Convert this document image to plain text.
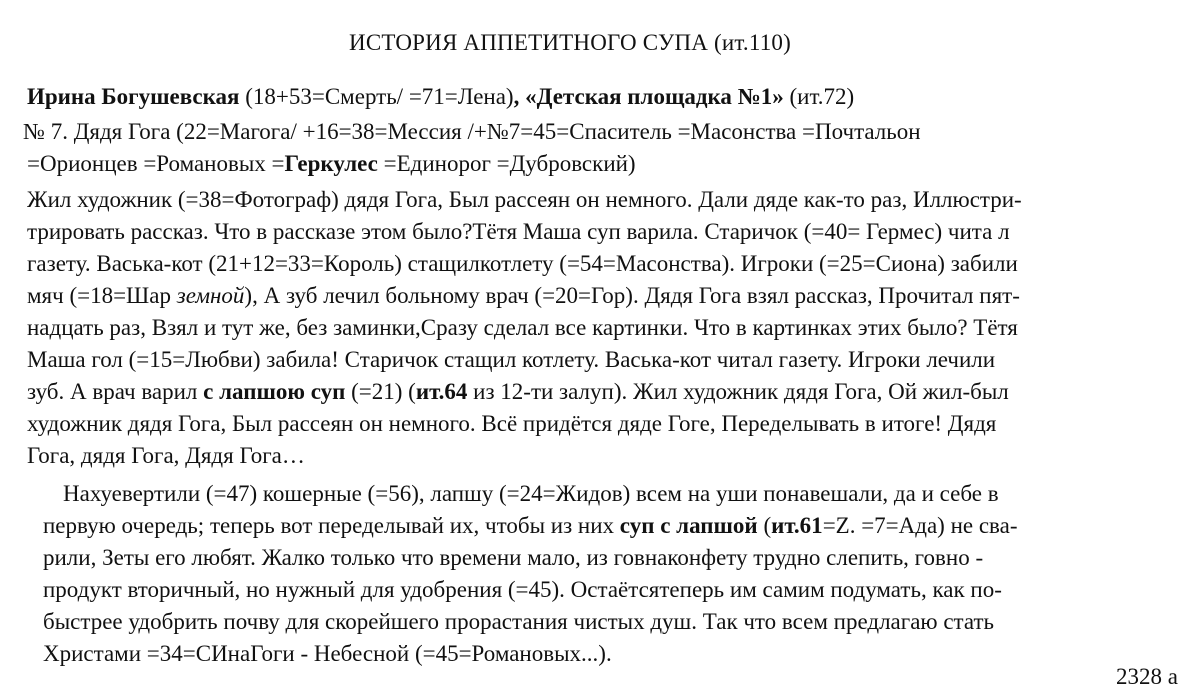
ИСТОРИЯ АППЕТИТНОГО СУПА (ит.110)
Ирина Богушевская (18+53=Смерть/ =71=Лена), «Детская площадка №1» (ит.72)
№ 7. Дядя Гога (22=Магога/ +16=38=Мессия /+№7=45=Спаситель =Масонства =Почтальон
=Орионцев =Романовых =Геркулес =Единорог =Дубровский)
Жил художник (=38=Фотограф) дядя Гога, Был рассеян он немного. Дали дяде как-то раз, Иллюстри-
трировать рассказ. Что в рассказе этом было?Тётя Маша суп варила. Старичок (=40= Гермес) чита л
газету. Васька-кот (21+12=33=Король) стащилкотлету (=54=Масонства). Игроки (=25=Сиона) забили
мяч (=18=Шар земной), А зуб лечил больному врач (=20=Гор). Дядя Гога взял рассказ, Прочитал пят-
надцать раз, Взял и тут же, без заминки,Сразу сделал все картинки. Что в картинках этих было? Тётя
Маша гол (=15=Любви) забила! Старичок стащил котлету. Васька-кот читал газету. Игроки лечили
зуб. А врач варил с лапшою суп (=21) (ит.64 из 12-ти залуп). Жил художник дядя Гога, Ой жил-был
художник дядя Гога, Был рассеян он немного. Всё придётся дяде Гоге, Переделывать в итоге! Дядя
Гога, дядя Гога, Дядя Гога…
Нахуевертили (=47) кошерные (=56), лапшу (=24=Жидов) всем на уши понавешали, да и себе в
первую очередь; теперь вот переделывай их, чтобы из них суп с лапшой (ит.61=Z. =7=Ада) не сва-
рили, Зеты его любят. Жалко только что времени мало, из говнаконфету трудно слепить, говно -
продукт вторичный, но нужный для удобрения (=45). Остаётсятеперь им самим подумать, как по-
быстрее удобрить почву для скорейшего прорастания чистых душ. Так что всем предлагаю стать
Христами =34=СИнаГоги - Небесной (=45=Романовых...).
2328 а
